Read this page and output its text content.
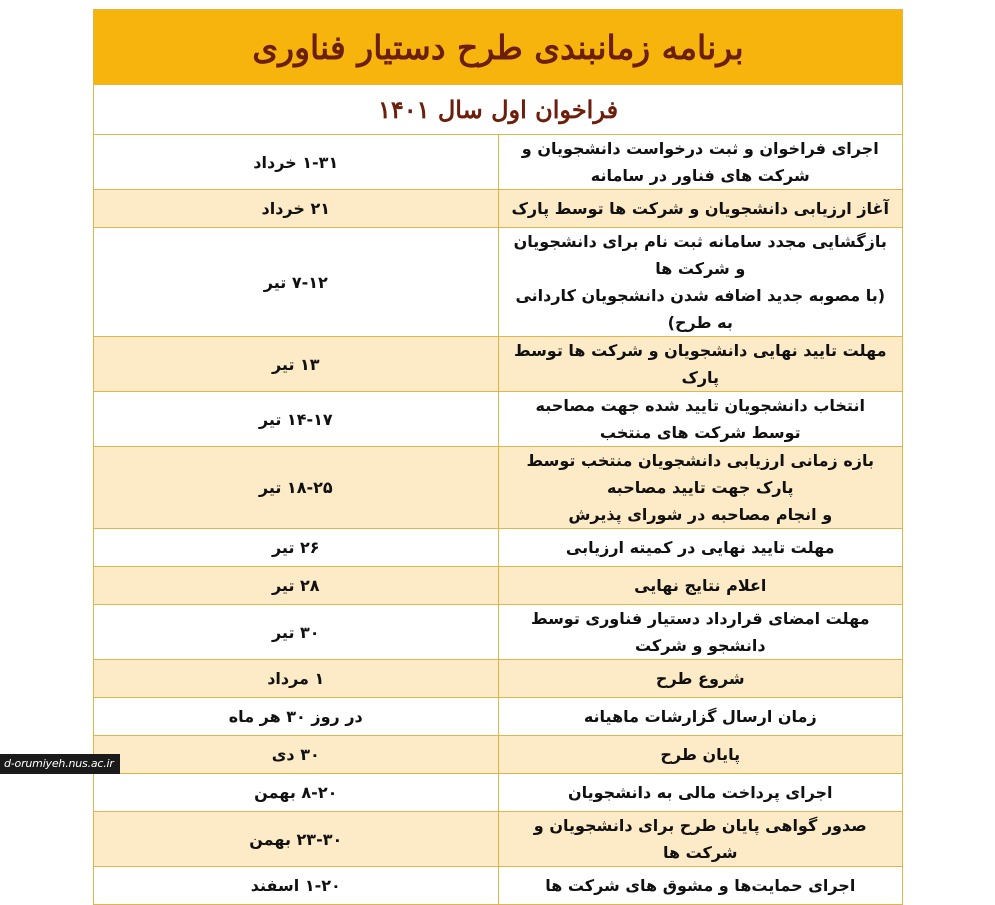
برنامه زمانبندی طرح دستیار فناوری	
فراخوان اول سال ۱۴۰۱	

اجرای فراخوان و ثبت درخواست دانشجویان و شرکت های فناور در سامانه	۱-۳۱ خرداد

آغاز ارزیابی دانشجویان و شرکت ها توسط پارک	۲۱ خرداد

بازگشایی مجدد سامانه ثبت نام برای دانشجویان و شرکت ها
(با مصوبه جدید اضافه شدن دانشجویان کاردانی به طرح)	۷-۱۲ تیر

مهلت تایید نهایی دانشجویان و شرکت ها توسط پارک	۱۳ تیر

انتخاب دانشجویان تایید شده جهت مصاحبه توسط شرکت های منتخب	۱۴-۱۷ تیر

بازه زمانی ارزیابی دانشجویان منتخب توسط پارک جهت تایید مصاحبه
و انجام مصاحبه در شورای پذیرش	۱۸-۲۵ تیر

مهلت تایید نهایی در کمیته ارزیابی	۲۶ تیر

اعلام نتایج نهایی	۲۸ تیر

مهلت امضای قرارداد دستیار فناوری توسط دانشجو و شرکت	۳۰ تیر

شروع طرح	۱ مرداد

زمان ارسال گزارشات ماهیانه	در روز ۳۰ هر ماه

پایان طرح	۳۰ دی

اجرای پرداخت مالی به دانشجویان	۸-۲۰ بهمن

صدور گواهی پایان طرح برای دانشجویان و شرکت ها	۲۳-۳۰ بهمن

اجرای حمایت‌ها و مشوق های شرکت ها	۱-۲۰ اسفند
d-orumiyeh.nus.ac.ir
